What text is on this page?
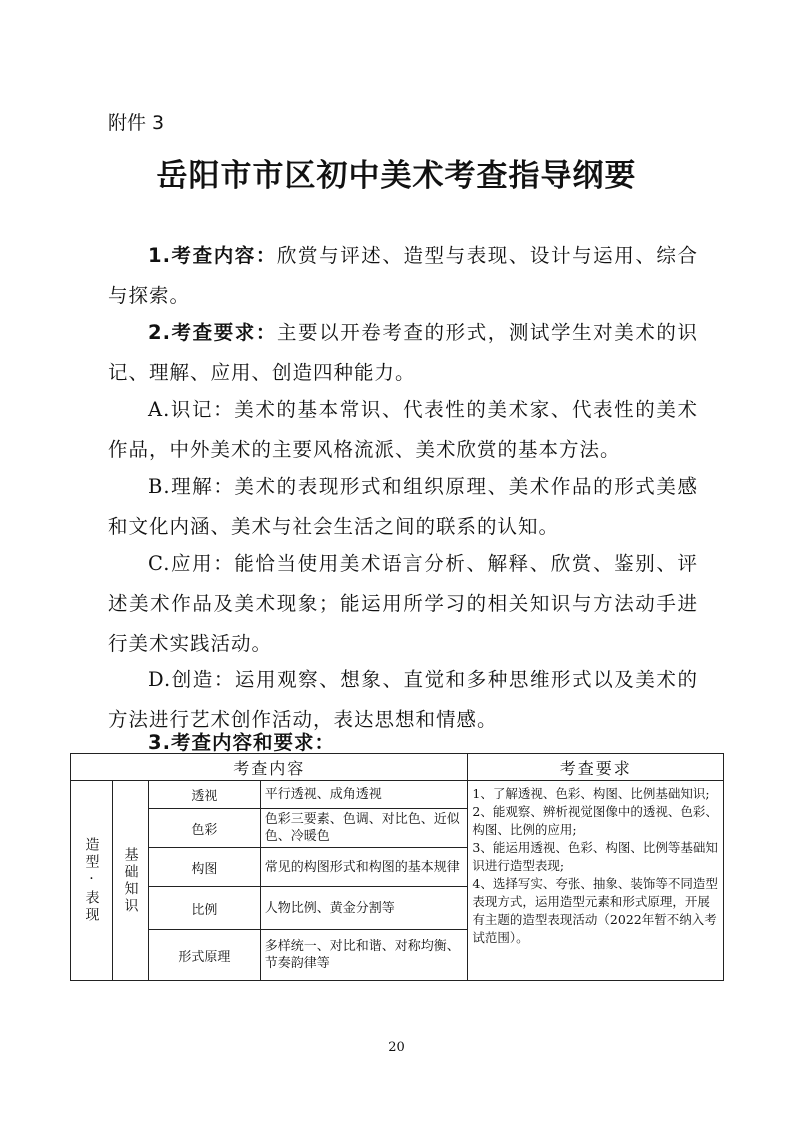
附件 3
岳阳市市区初中美术考查指导纲要
1.考查内容：欣赏与评述、造型与表现、设计与运用、综合与探索。
2.考查要求：主要以开卷考查的形式，测试学生对美术的识记、理解、应用、创造四种能力。
A.识记：美术的基本常识、代表性的美术家、代表性的美术作品，中外美术的主要风格流派、美术欣赏的基本方法。
B.理解：美术的表现形式和组织原理、美术作品的形式美感和文化内涵、美术与社会生活之间的联系的认知。
C.应用：能恰当使用美术语言分析、解释、欣赏、鉴别、评述美术作品及美术现象；能运用所学习的相关知识与方法动手进行美术实践活动。
D.创造：运用观察、想象、直觉和多种思维形式以及美术的方法进行艺术创作活动，表达思想和情感。
3.考查内容和要求：
考查内容				考查要求

造型·表现	基础知识	透视	平行透视、成角透视	1、了解透视、色彩、构图、比例基础知识;
2、能观察、辨析视觉图像中的透视、色彩、构图、比例的应用;
3、能运用透视、色彩、构图、比例等基础知识进行造型表现;
4、选择写实、夸张、抽象、装饰等不同造型表现方式，运用造型元素和形式原理，开展有主题的造型表现活动（2022年暂不纳入考试范围）。

		色彩	色彩三要素、色调、对比色、近似色、冷暖色	
		构图	常见的构图形式和构图的基本规律	
		比例	人物比例、黄金分割等	
		形式原理	多样统一、对比和谐、对称均衡、节奏韵律等	
20
